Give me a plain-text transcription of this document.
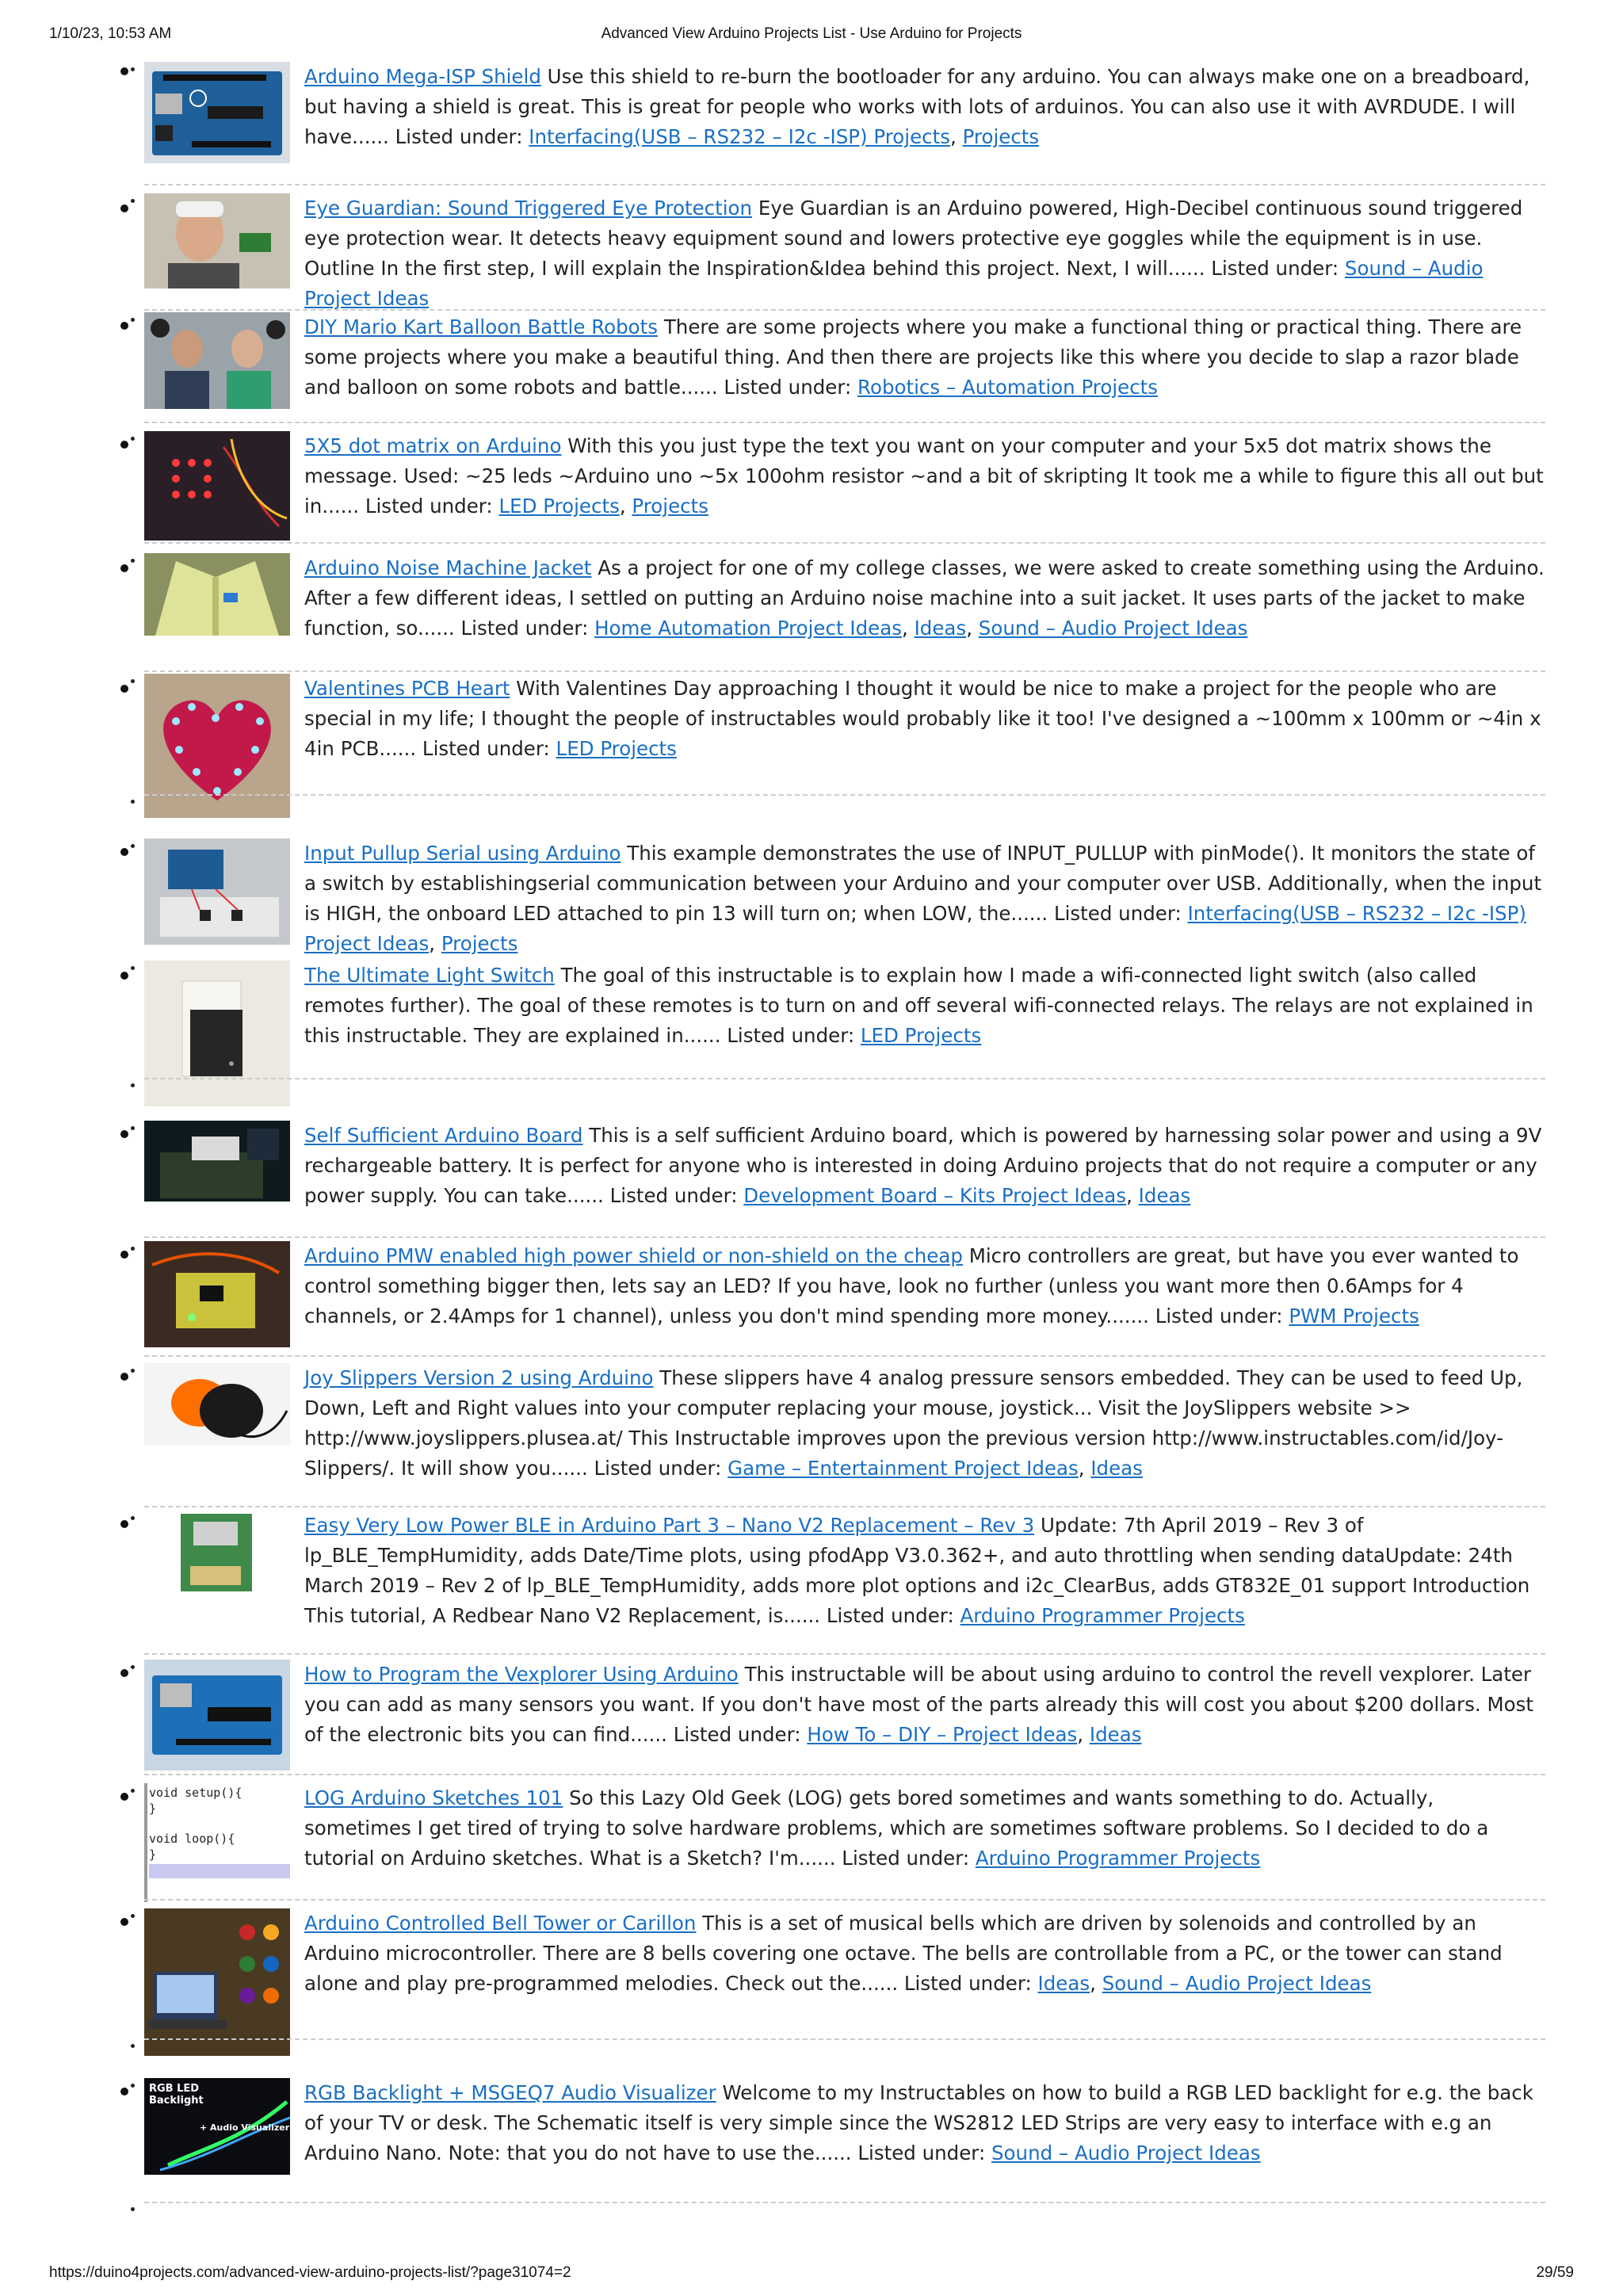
1/10/23, 10:53 AM	Advanced View Arduino Projects List - Use Arduino for Projects
• Arduino Mega-ISP Shield Use this shield to re-burn the bootloader for any arduino. You can always make one on a breadboard, but having a shield is great. This is great for people who works with lots of arduinos. You can also use it with AVRDUDE. I will have...... Listed under: Interfacing(USB – RS232 – I2c -ISP) Projects, Projects
• Eye Guardian: Sound Triggered Eye Protection Eye Guardian is an Arduino powered, High-Decibel continuous sound triggered eye protection wear. It detects heavy equipment sound and lowers protective eye goggles while the equipment is in use. Outline In the first step, I will explain the Inspiration&Idea behind this project. Next, I will...... Listed under: Sound – Audio Project Ideas
• DIY Mario Kart Balloon Battle Robots There are some projects where you make a functional thing or practical thing. There are some projects where you make a beautiful thing. And then there are projects like this where you decide to slap a razor blade and balloon on some robots and battle...... Listed under: Robotics – Automation Projects
• 5X5 dot matrix on Arduino With this you just type the text you want on your computer and your 5x5 dot matrix shows the message. Used: ~25 leds ~Arduino uno ~5x 100ohm resistor ~and a bit of skripting It took me a while to figure this all out but in...... Listed under: LED Projects, Projects
• Arduino Noise Machine Jacket As a project for one of my college classes, we were asked to create something using the Arduino. After a few different ideas, I settled on putting an Arduino noise machine into a suit jacket. It uses parts of the jacket to make function, so...... Listed under: Home Automation Project Ideas, Ideas, Sound – Audio Project Ideas
• Valentines PCB Heart With Valentines Day approaching I thought it would be nice to make a project for the people who are special in my life; I thought the people of instructables would probably like it too! I've designed a ~100mm x 100mm or ~4in x 4in PCB...... Listed under: LED Projects
• Input Pullup Serial using Arduino This example demonstrates the use of INPUT_PULLUP with pinMode(). It monitors the state of a switch by establishingserial communication between your Arduino and your computer over USB. Additionally, when the input is HIGH, the onboard LED attached to pin 13 will turn on; when LOW, the...... Listed under: Interfacing(USB – RS232 – I2c -ISP) Project Ideas, Projects
• The Ultimate Light Switch The goal of this instructable is to explain how I made a wifi-connected light switch (also called remotes further). The goal of these remotes is to turn on and off several wifi-connected relays. The relays are not explained in this instructable. They are explained in...... Listed under: LED Projects
• Self Sufficient Arduino Board This is a self sufficient Arduino board, which is powered by harnessing solar power and using a 9V rechargeable battery. It is perfect for anyone who is interested in doing Arduino projects that do not require a computer or any power supply. You can take...... Listed under: Development Board – Kits Project Ideas, Ideas
• Arduino PMW enabled high power shield or non-shield on the cheap Micro controllers are great, but have you ever wanted to control something bigger then, lets say an LED? If you have, look no further (unless you want more then 0.6Amps for 4 channels, or 2.4Amps for 1 channel), unless you don't mind spending more money....... Listed under: PWM Projects
• Joy Slippers Version 2 using Arduino These slippers have 4 analog pressure sensors embedded. They can be used to feed Up, Down, Left and Right values into your computer replacing your mouse, joystick... Visit the JoySlippers website >> http://www.joyslippers.plusea.at/ This Instructable improves upon the previous version http://www.instructables.com/id/Joy-Slippers/. It will show you...... Listed under: Game – Entertainment Project Ideas, Ideas
• Easy Very Low Power BLE in Arduino Part 3 – Nano V2 Replacement – Rev 3 Update: 7th April 2019 – Rev 3 of lp_BLE_TempHumidity, adds Date/Time plots, using pfodApp V3.0.362+, and auto throttling when sending dataUpdate: 24th March 2019 – Rev 2 of lp_BLE_TempHumidity, adds more plot options and i2c_ClearBus, adds GT832E_01 support Introduction This tutorial, A Redbear Nano V2 Replacement, is...... Listed under: Arduino Programmer Projects
• How to Program the Vexplorer Using Arduino This instructable will be about using arduino to control the revell vexplorer. Later you can add as many sensors you want. If you don't have most of the parts already this will cost you about $200 dollars. Most of the electronic bits you can find...... Listed under: How To – DIY – Project Ideas, Ideas
• void setup(){
}
void loop(){
}
LOG Arduino Sketches 101 So this Lazy Old Geek (LOG) gets bored sometimes and wants something to do. Actually, sometimes I get tired of trying to solve hardware problems, which are sometimes software problems. So I decided to do a tutorial on Arduino sketches. What is a Sketch? I'm...... Listed under: Arduino Programmer Projects
• Arduino Controlled Bell Tower or Carillon This is a set of musical bells which are driven by solenoids and controlled by an Arduino microcontroller. There are 8 bells covering one octave. The bells are controllable from a PC, or the tower can stand alone and play pre-programmed melodies. Check out the...... Listed under: Ideas, Sound – Audio Project Ideas
• RGB LED
Backlight
+ Audio Visualizer
RGB Backlight + MSGEQ7 Audio Visualizer Welcome to my Instructables on how to build a RGB LED backlight for e.g. the back of your TV or desk. The Schematic itself is very simple since the WS2812 LED Strips are very easy to interface with e.g an Arduino Nano. Note: that you do not have to use the...... Listed under: Sound – Audio Project Ideas
https://duino4projects.com/advanced-view-arduino-projects-list/?page31074=2	29/59
